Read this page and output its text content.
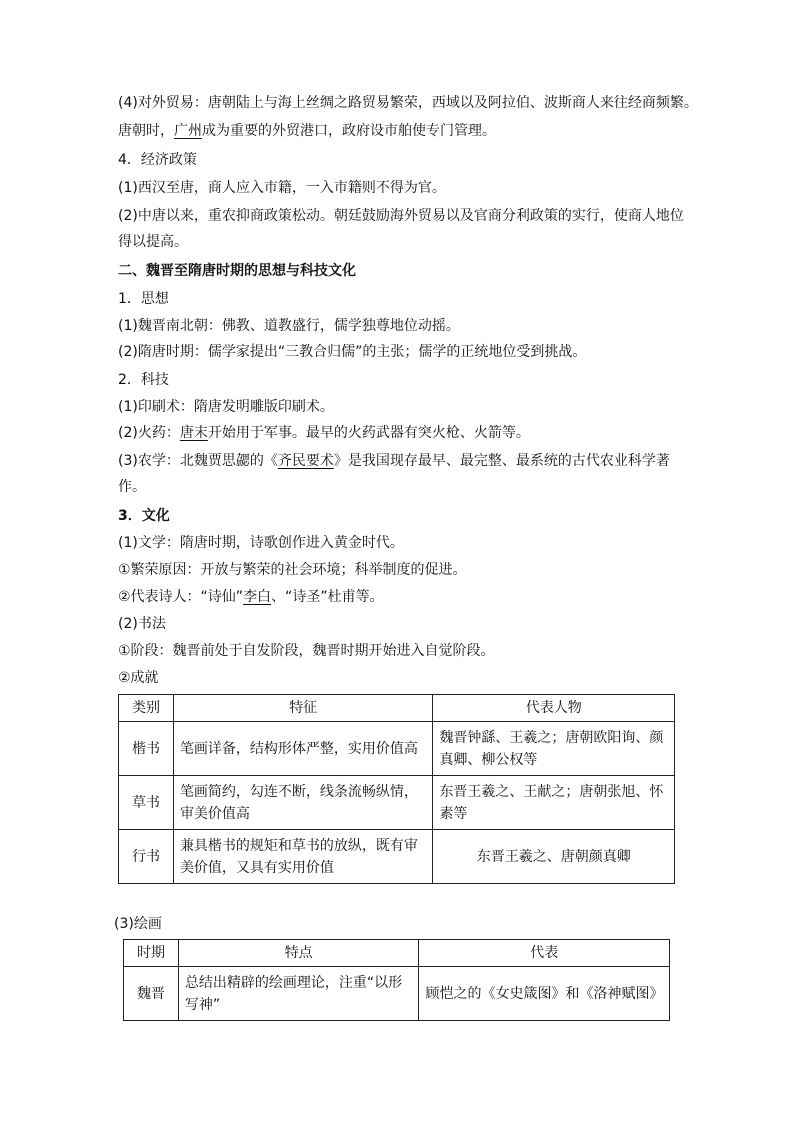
(4)对外贸易：唐朝陆上与海上丝绸之路贸易繁荣，西域以及阿拉伯、波斯商人来往经商频繁。
唐朝时，广州成为重要的外贸港口，政府设市舶使专门管理。
4．经济政策
(1)西汉至唐，商人应入市籍，一入市籍则不得为官。
(2)中唐以来，重农抑商政策松动。朝廷鼓励海外贸易以及官商分利政策的实行，使商人地位
得以提高。
二、魏晋至隋唐时期的思想与科技文化
1．思想
(1)魏晋南北朝：佛教、道教盛行，儒学独尊地位动摇。
(2)隋唐时期：儒学家提出“三教合归儒”的主张；儒学的正统地位受到挑战。
2．科技
(1)印刷术：隋唐发明雕版印刷术。
(2)火药：唐末开始用于军事。最早的火药武器有突火枪、火箭等。
(3)农学：北魏贾思勰的《齐民要术》是我国现存最早、最完整、最系统的古代农业科学著
作。
3．文化
(1)文学：隋唐时期，诗歌创作进入黄金时代。
①繁荣原因：开放与繁荣的社会环境；科举制度的促进。
②代表诗人：“诗仙”李白、“诗圣”杜甫等。
(2)书法
①阶段：魏晋前处于自发阶段，魏晋时期开始进入自觉阶段。
②成就
类别	特征	代表人物
楷书	笔画详备，结构形体严整，实用价值高	魏晋钟繇、王羲之；唐朝欧阳询、颜真卿、柳公权等
草书	笔画简约，勾连不断，线条流畅纵情，审美价值高	东晋王羲之、王献之；唐朝张旭、怀素等
行书	兼具楷书的规矩和草书的放纵，既有审美价值，又具有实用价值	东晋王羲之、唐朝颜真卿
(3)绘画
时期	特点	代表
魏晋	总结出精辟的绘画理论，注重“以形写神”	顾恺之的《女史箴图》和《洛神赋图》
